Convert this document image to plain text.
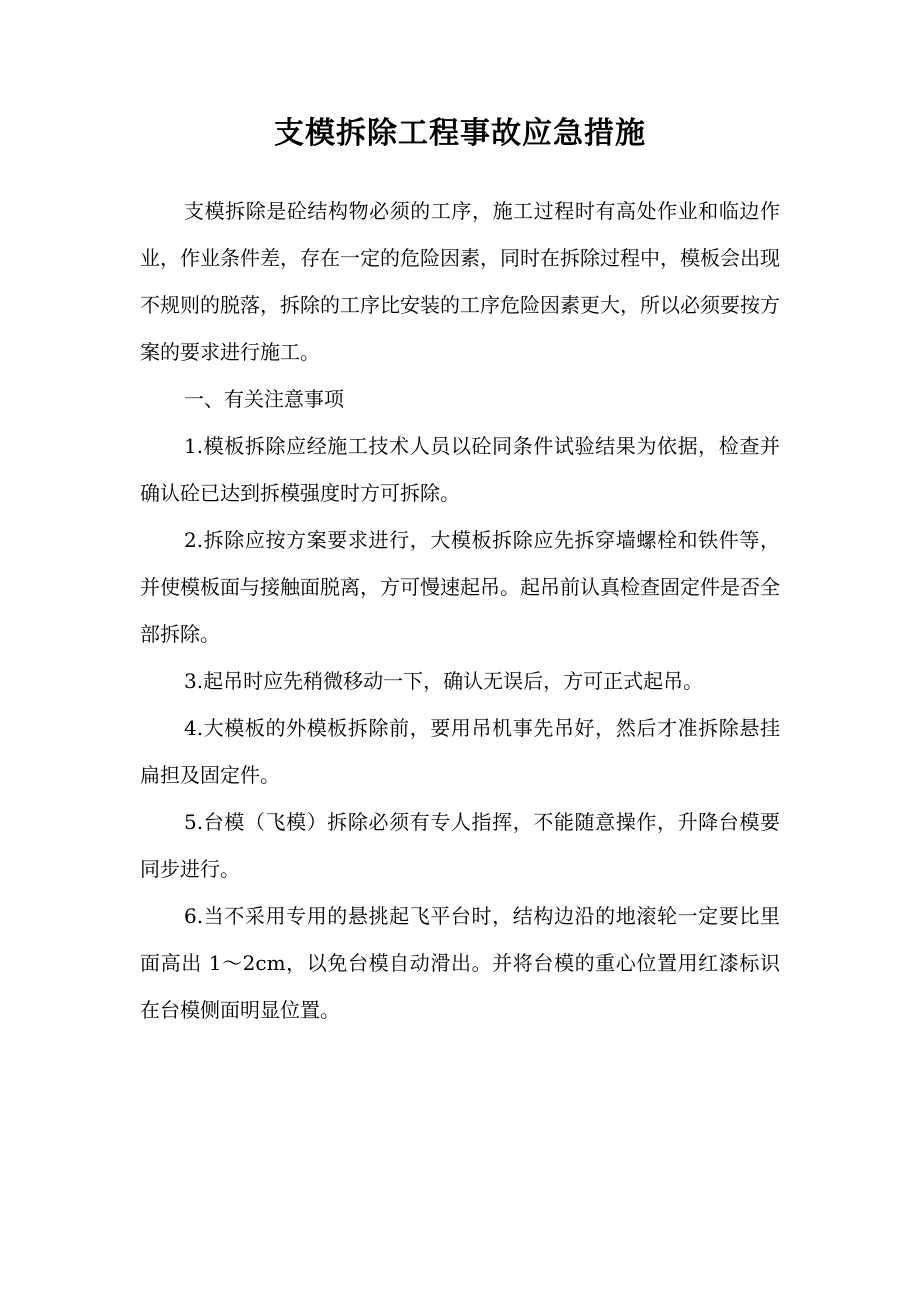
支模拆除工程事故应急措施

支模拆除是砼结构物必须的工序，施工过程时有高处作业和临边作业，作业条件差，存在一定的危险因素，同时在拆除过程中，模板会出现不规则的脱落，拆除的工序比安装的工序危险因素更大，所以必须要按方案的要求进行施工。

一、有关注意事项

1.模板拆除应经施工技术人员以砼同条件试验结果为依据，检查并确认砼已达到拆模强度时方可拆除。

2.拆除应按方案要求进行，大模板拆除应先拆穿墙螺栓和铁件等，并使模板面与接触面脱离，方可慢速起吊。起吊前认真检查固定件是否全部拆除。

3.起吊时应先稍微移动一下，确认无误后，方可正式起吊。

4.大模板的外模板拆除前，要用吊机事先吊好，然后才准拆除悬挂扁担及固定件。

5.台模（飞模）拆除必须有专人指挥，不能随意操作，升降台模要同步进行。

6.当不采用专用的悬挑起飞平台时，结构边沿的地滚轮一定要比里面高出 1～2cm，以免台模自动滑出。并将台模的重心位置用红漆标识在台模侧面明显位置。
